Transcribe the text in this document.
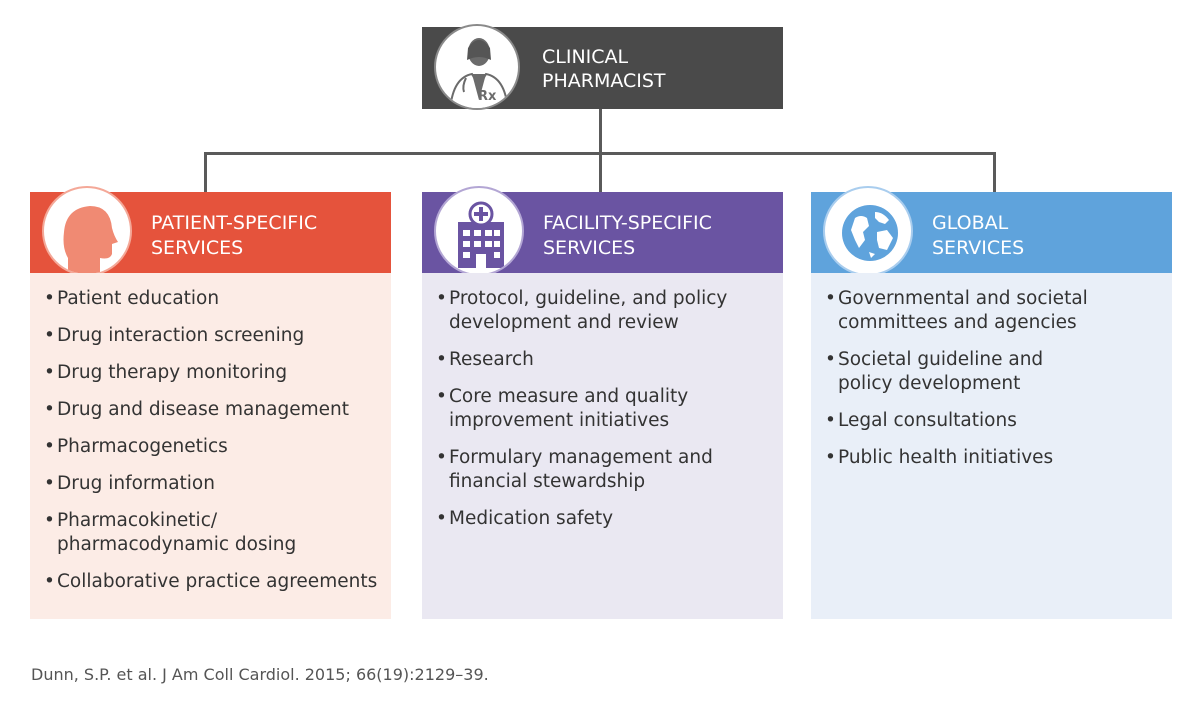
Rx
CLINICAL
PHARMACIST
PATIENT-SPECIFIC
SERVICES
• Patient education
• Drug interaction screening
• Drug therapy monitoring
• Drug and disease management
• Pharmacogenetics
• Drug information
• Pharmacokinetic/ pharmacodynamic dosing
• Collaborative practice agreements
FACILITY-SPECIFIC
SERVICES
• Protocol, guideline, and policy development and review
• Research
• Core measure and quality improvement initiatives
• Formulary management and financial stewardship
• Medication safety
GLOBAL
SERVICES
• Governmental and societal committees and agencies
• Societal guideline and policy development
• Legal consultations
• Public health initiatives
Dunn, S.P. et al. J Am Coll Cardiol. 2015; 66(19):2129–39.
